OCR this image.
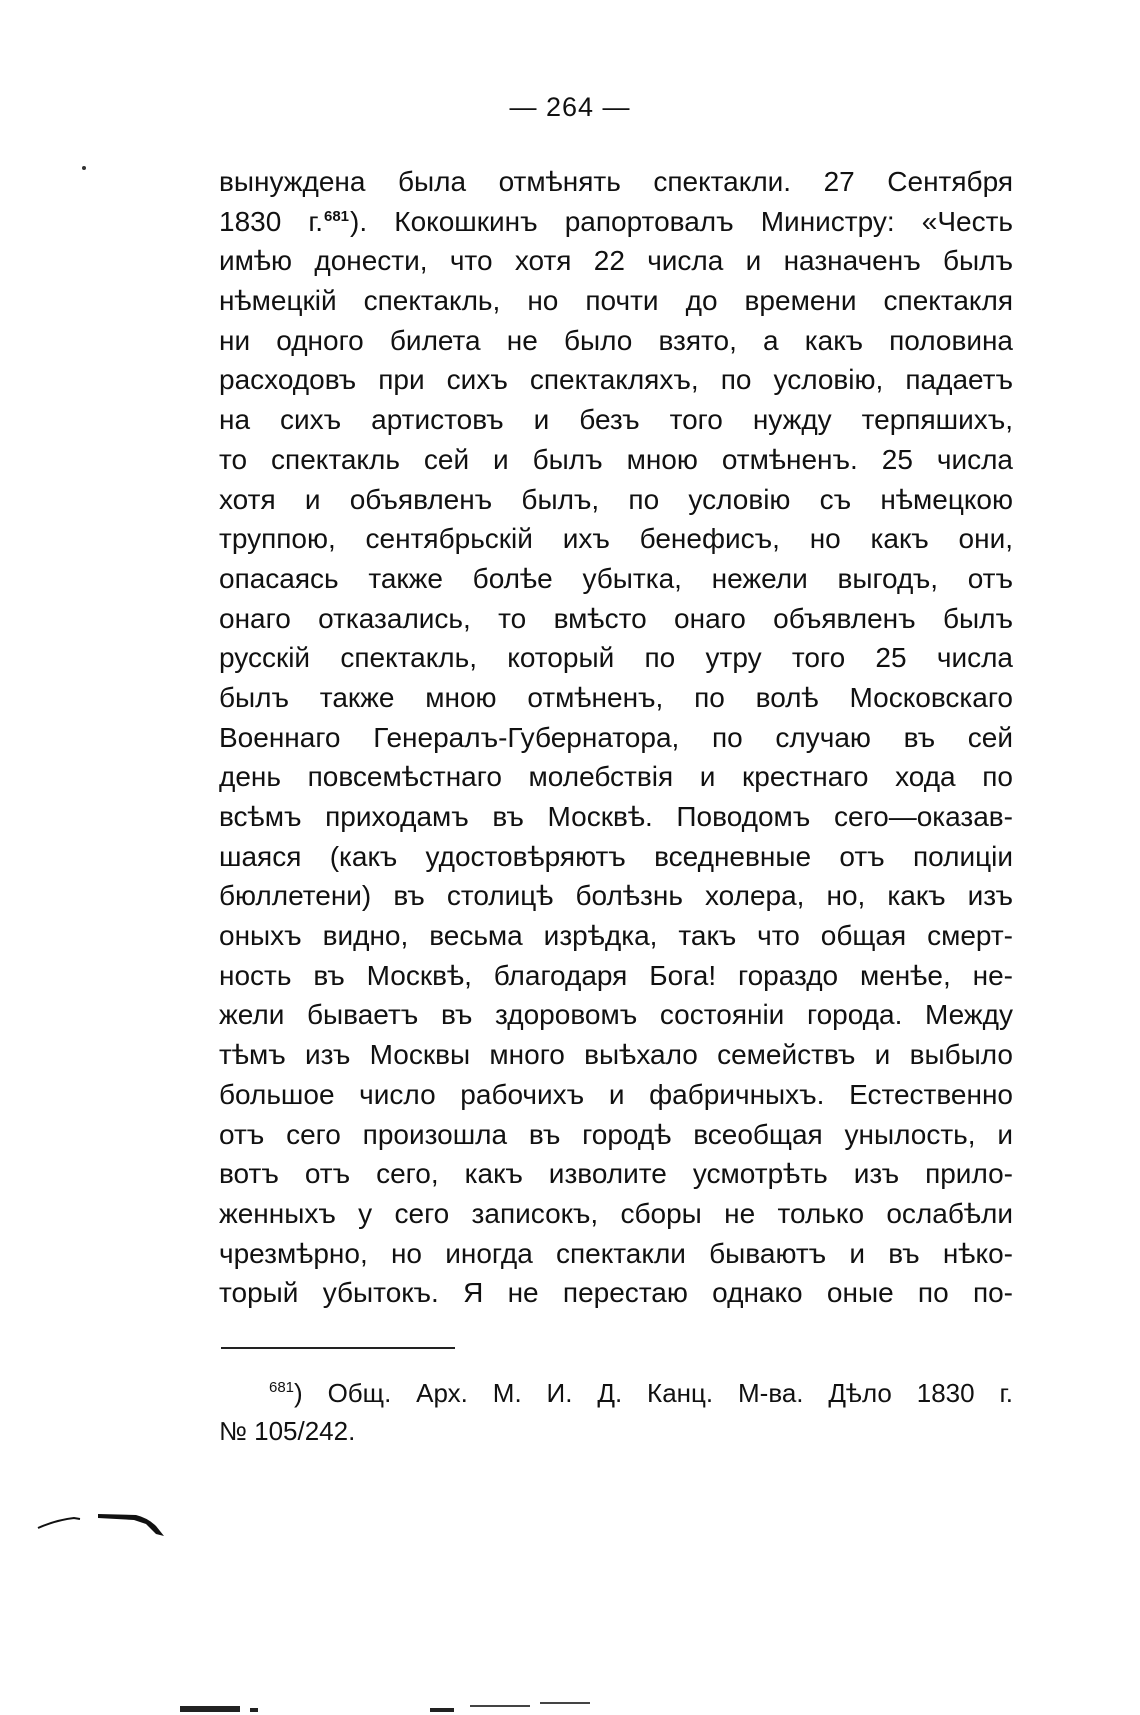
— 264 —
вынуждена была отмѣнять спектакли. 27 Сентября
1830 г.$^{681}$). Кокошкинъ рапортовалъ Министру: «Честь
имѣю донести, что хотя 22 числа и назначенъ былъ
нѣмецкій спектакль, но почти до времени спектакля
ни одного билета не было взято, а какъ половина
расходовъ при сихъ спектакляхъ, по условію, падаетъ
на сихъ артистовъ и безъ того нужду терпяшихъ,
то спектакль сей и былъ мною отмѣненъ. 25 числа
хотя и объявленъ былъ, по условію съ нѣмецкою
труппою, сентябрьскій ихъ бенефисъ, но какъ они,
опасаясь также болѣе убытка, нежели выгодъ, отъ
онаго отказались, то вмѣсто онаго объявленъ былъ
русскій спектакль, который по утру того 25 числа
былъ также мною отмѣненъ, по волѣ Московскаго
Военнаго Генералъ-Губернатора, по случаю въ сей
день повсемѣстнаго молебствія и крестнаго хода по
всѣмъ приходамъ въ Москвѣ. Поводомъ сего—оказав-
шаяся (какъ удостовѣряютъ вседневные отъ полиціи
бюллетени) въ столицѣ болѣзнь холера, но, какъ изъ
оныхъ видно, весьма изрѣдка, такъ что общая смерт-
ность въ Москвѣ, благодаря Бога! гораздо менѣе, не-
жели бываетъ въ здоровомъ состояніи города. Между
тѣмъ изъ Москвы много выѣхало семействъ и выбыло
большое число рабочихъ и фабричныхъ. Естественно
отъ сего произошла въ городѣ всеобщая унылость, и
вотъ отъ сего, какъ изволите усмотрѣть изъ прило-
женныхъ у сего записокъ, сборы не только ослабѣли
чрезмѣрно, но иногда спектакли бываютъ и въ нѣко-
торый убытокъ. Я не перестаю однако оные по по-
$^{681}$) Общ. Арх. М. И. Д. Канц. М-ва. Дѣло 1830 г.
№ 105/242.
